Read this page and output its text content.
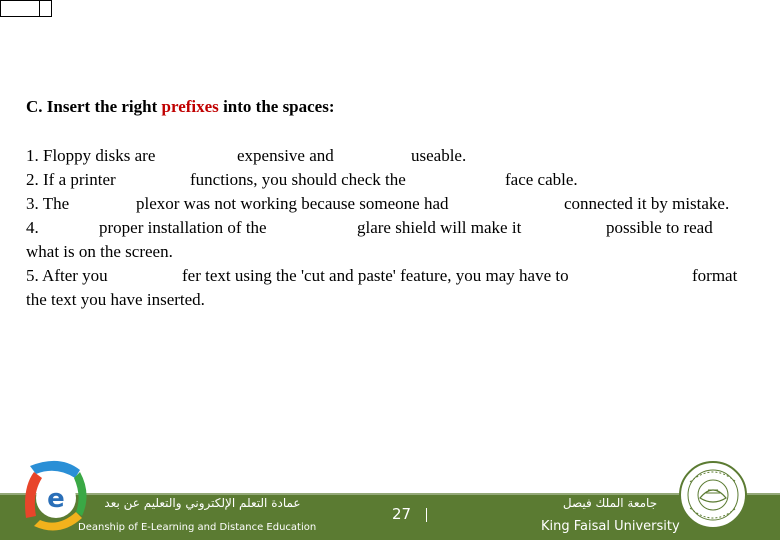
C. Insert the right prefixes into the spaces:
1. Floppy disks are	expensive and	useable.
2. If a printer	functions, you should check the	face cable.
3. The	plexor was not working because someone had	connected it by mistake.
4.	proper installation of the	glare shield will make it	possible to read
what is on the screen.
5. After you	fer text using the 'cut and paste' feature, you may have to	format
the text you have inserted.
e	عمادة التعلم الإلكتروني والتعليم عن بعد
Deanship of E-Learning and Distance Education
27
جامعة الملك فيصل
King Faisal University
